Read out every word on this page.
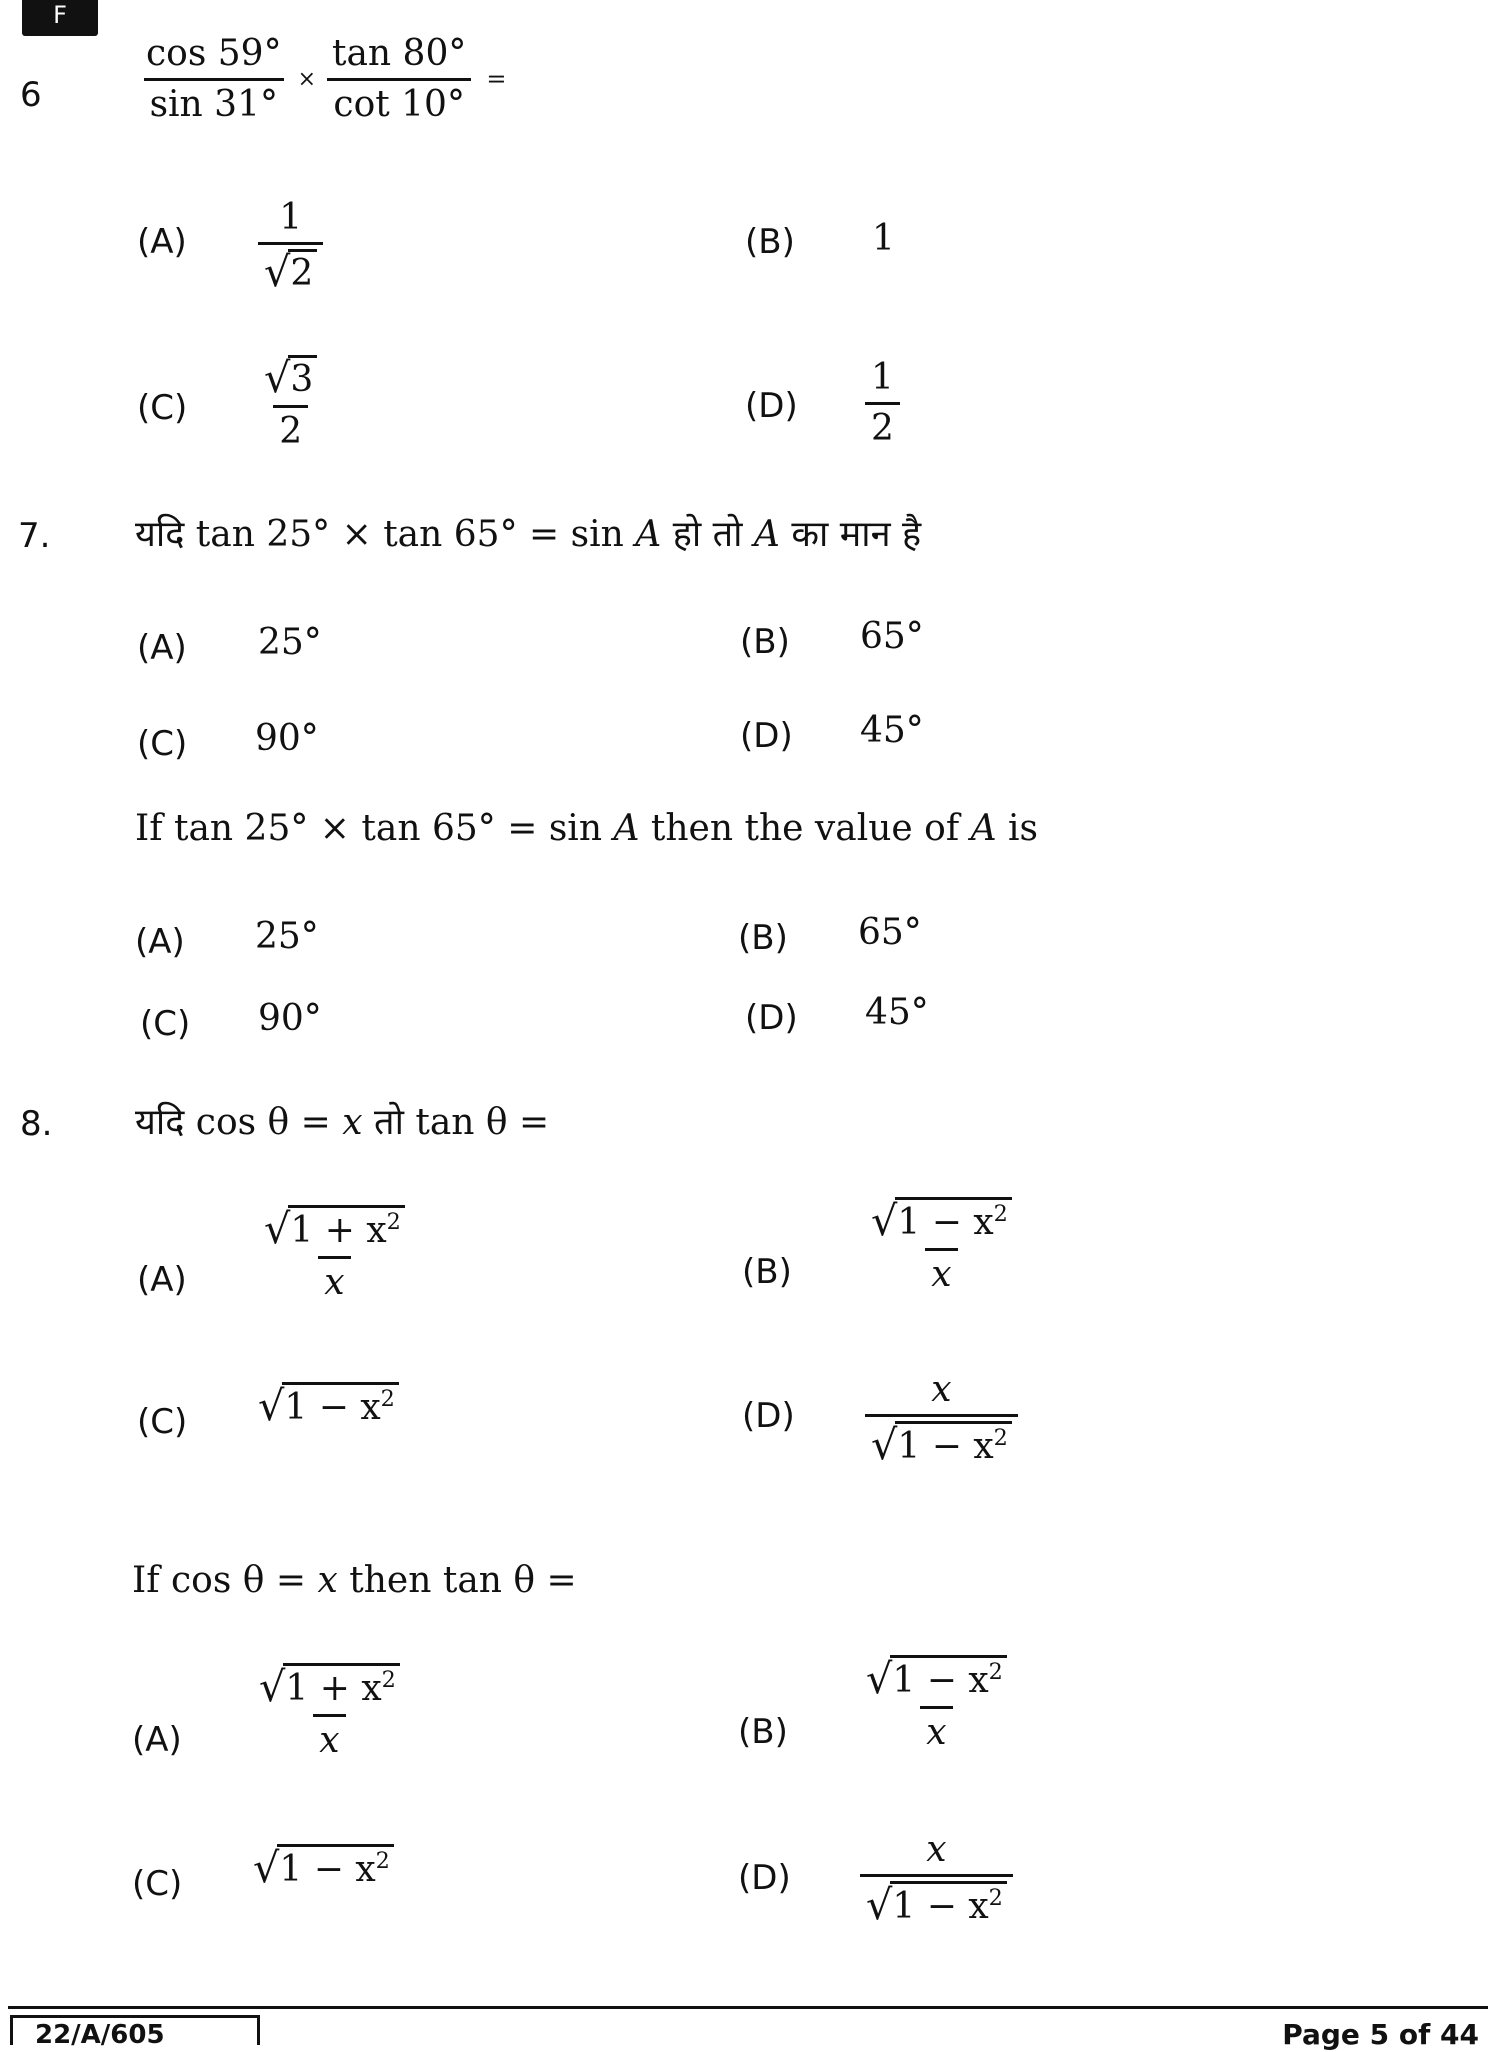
F
6	$\frac{\cos 59^\circ}{\sin 31^\circ} \times \frac{\tan 80^\circ}{\cot 10^\circ}$ =
$(A) \frac{1}{√ 2}$	(B) 1
$(C) \frac{√ 3}{2}$	$(D) \frac{1}{2}$
7. यदि tan 25° × tan 65° = sin A हो तो A का मान है
(A) 25°	(B) 65°
(C) 90°	(D) 45°
If tan 25° × tan 65° = sin A then the value of A is
(A) 25°	(B) 65°
(C) 90°	(D) 45°
8. यदि cos θ = x तो tan θ =
$(A) \frac{√ 1 + x^2}{x}$	$(B) \frac{√ 1 - x^2}{x}$
(C) √ $1 - x^2$	$(D) \frac{x}{√ 1 - x^2}$
If cos θ = x then tan θ =
$(A) \frac{√ 1 + x^2}{x}$	$(B) \frac{√ 1 - x^2}{x}$
(C) √ $1 - x^2$	$(D) \frac{x}{√ 1 - x^2}$
22/A/605	Page 5 of 44
